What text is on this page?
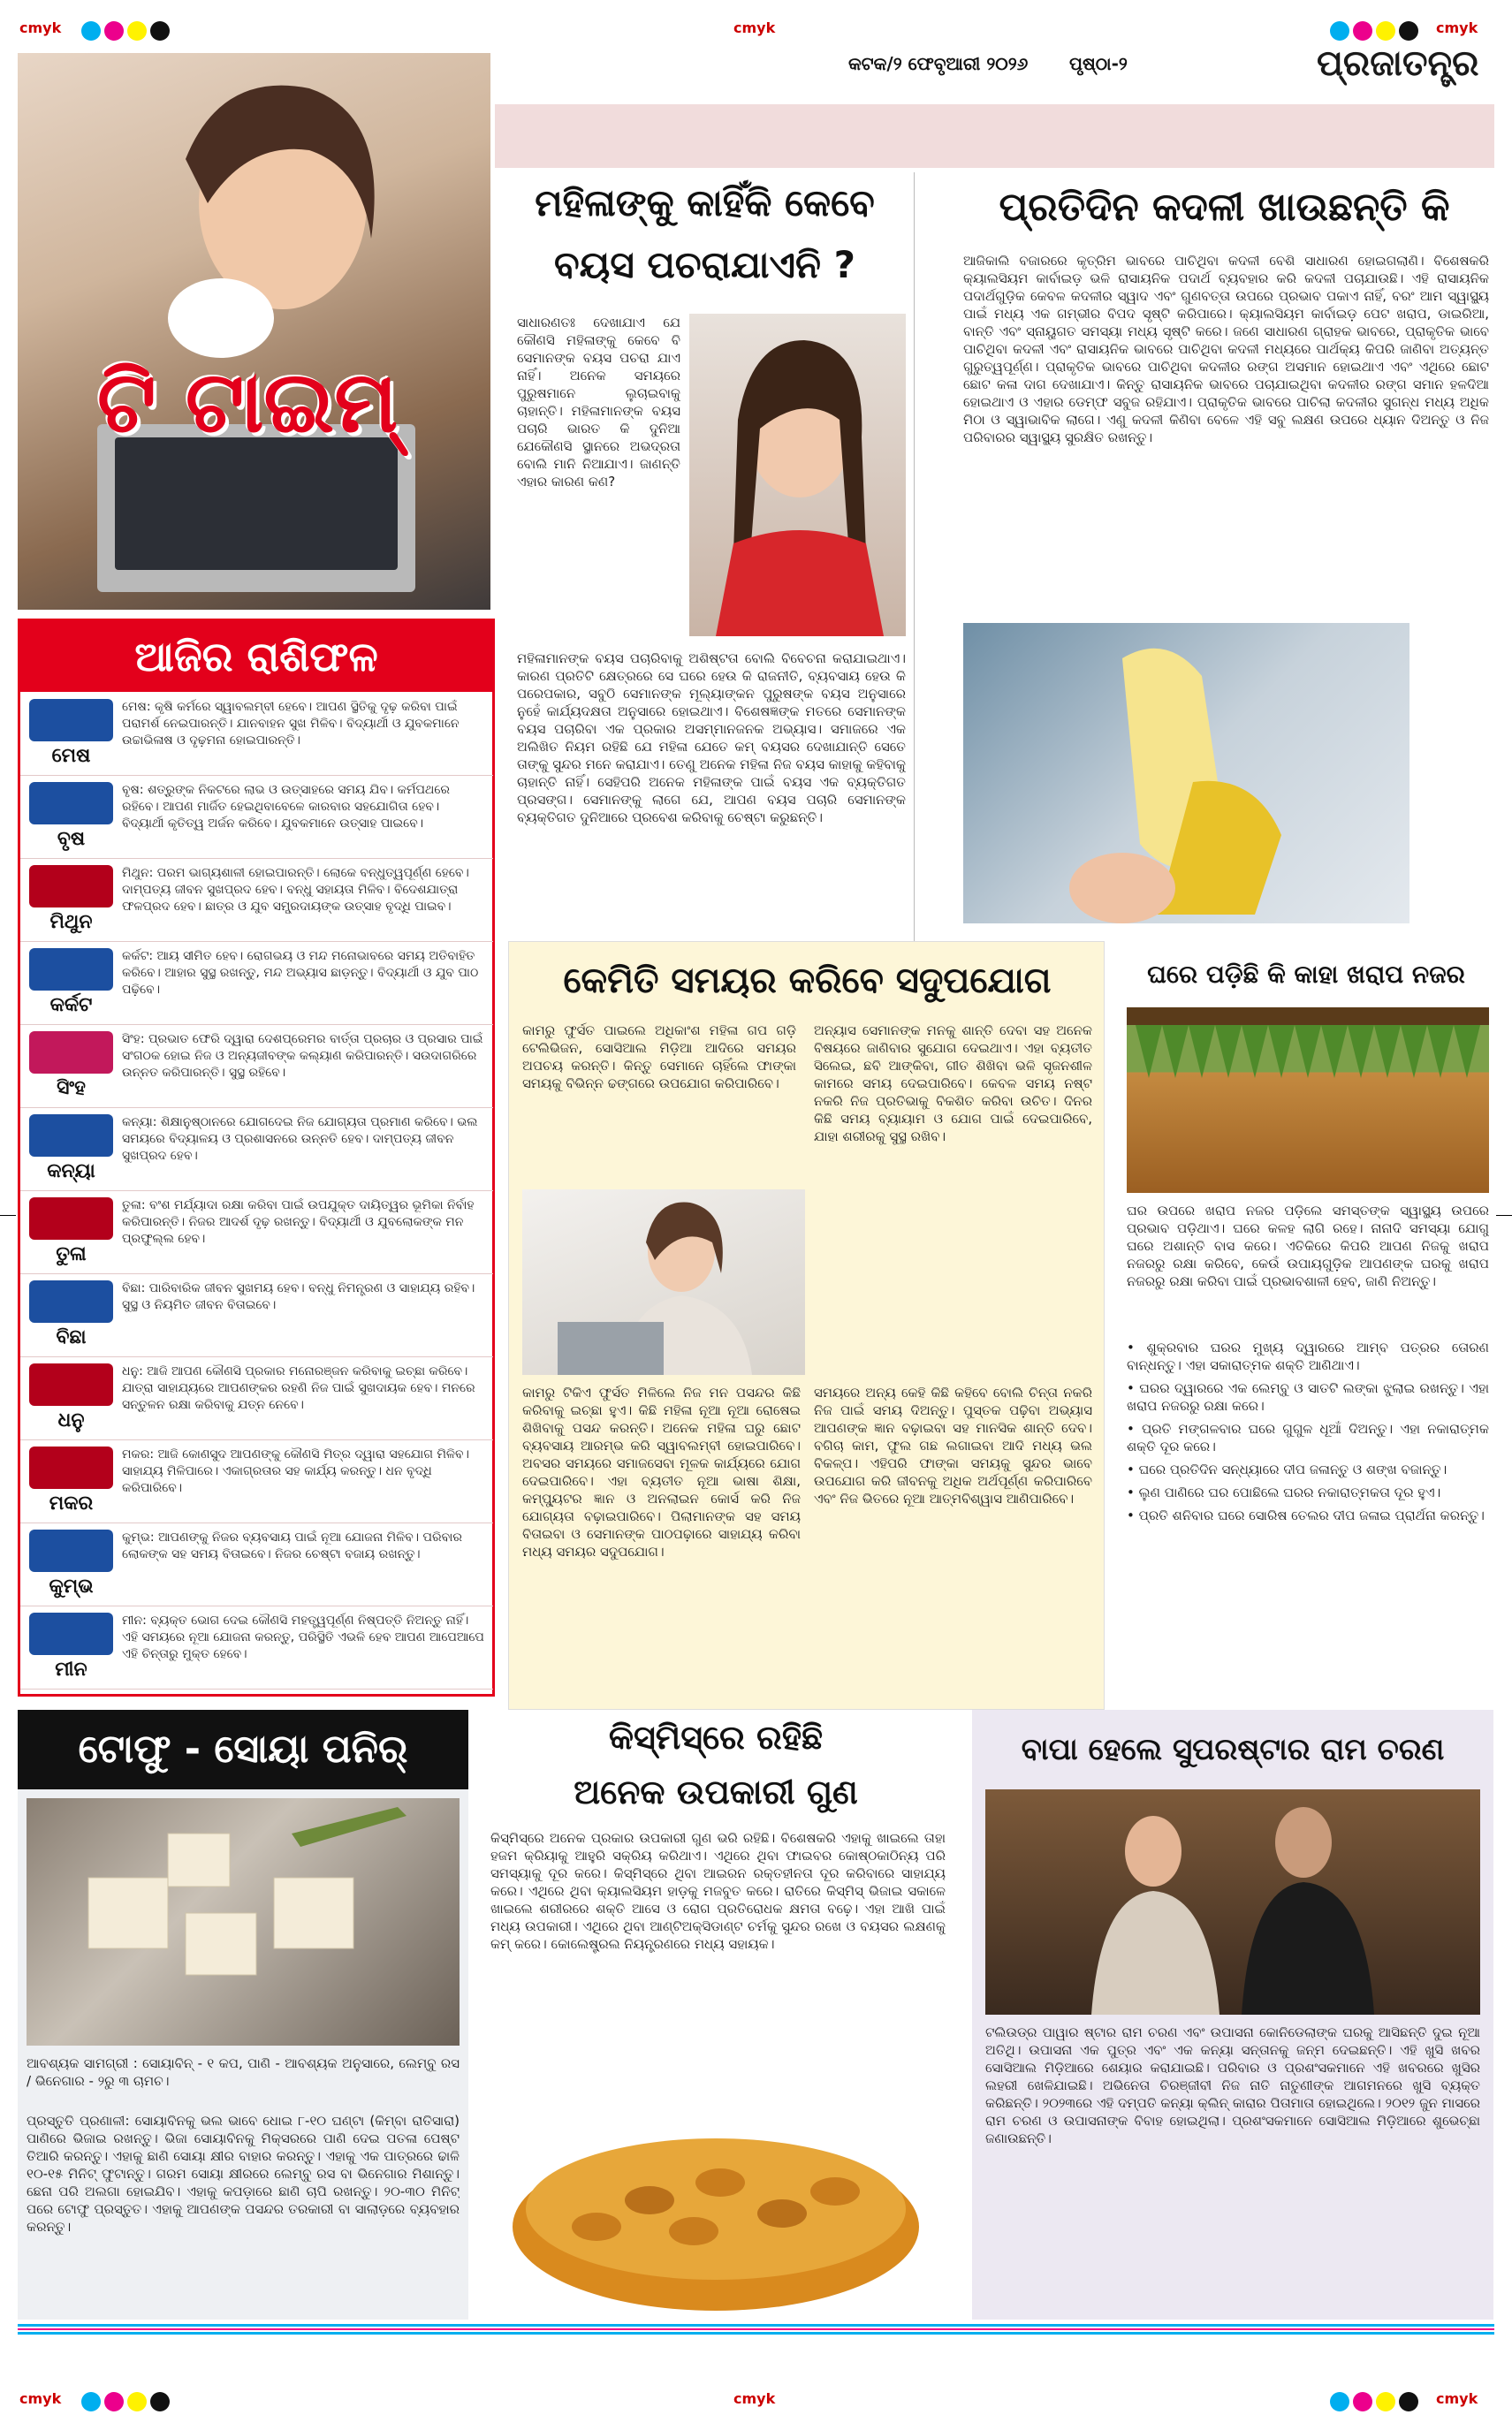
cmyk	cmyk	cmyk
cmyk	cmyk	cmyk
କଟକ/୨ ଫେବୃଆରୀ ୨୦୨୬	ପୃଷ୍ଠା-୨	ପ୍ରଜାତନ୍ତ୍ର
ଟି ଟାଇମ୍
ଆଜିର ରାଶିଫଳ
ମେଷ
ମେଷ: କୃଷି କର୍ମରେ ସ୍ୱାବଲମ୍ବୀ ହେବେ। ଆପଣ ସ୍ଥିତିକୁ ଦୃଢ଼ କରିବା ପାଇଁ ପରାମର୍ଶ ନେଇପାରନ୍ତି। ଯାନବାହନ ସୁଖ ମିଳିବ। ବିଦ୍ୟାର୍ଥୀ ଓ ଯୁବକମାନେ ଉଚ୍ଚାଭିଳାଷ ଓ ଦୃଢ଼ମନା ହୋଇପାରନ୍ତି।
ବୃଷ
ବୃଷ: ଶତ୍ରୁଙ୍କ ନିକଟରେ ଲାଭ ଓ ଉତ୍ସାହରେ ସମୟ ଯିବ। କର୍ମପଥରେ ରହିବେ। ଆପଣ ମାର୍ଜିତ ହେଇଥିବାବେଳେ କାରବାର ସହଯୋଗିତା ହେବ। ବିଦ୍ୟାର୍ଥୀ କୃତିତ୍ୱ ଅର୍ଜନ କରିବେ। ଯୁବକମାନେ ଉତ୍ସାହ ପାଇବେ।
ମିଥୁନ
ମିଥୁନ: ପରମ ଭାଗ୍ୟଶାଳୀ ହୋଇପାରନ୍ତି। ଲୋକେ ବନ୍ଧୁତ୍ୱପୂର୍ଣ୍ଣ ହେବେ। ଦାମ୍ପତ୍ୟ ଜୀବନ ସୁଖପ୍ରଦ ହେବ। ବନ୍ଧୁ ସହାୟତା ମିଳିବ। ବିଦେଶଯାତ୍ରା ଫଳପ୍ରଦ ହେବ। ଛାତ୍ର ଓ ଯୁବ ସମ୍ପ୍ରଦାୟଙ୍କ ଉତ୍ସାହ ବୃଦ୍ଧି ପାଇବ।
କର୍କଟ
କର୍କଟ: ଆୟ ସୀମିତ ହେବ। ରୋଗଭୟ ଓ ମନ୍ଦ ମନୋଭାବରେ ସମୟ ଅତିବାହିତ କରିବେ। ଆହାର ସୁସ୍ଥ ରଖନ୍ତୁ, ମନ୍ଦ ଅଭ୍ୟାସ ଛାଡ଼ନ୍ତୁ। ବିଦ୍ୟାର୍ଥୀ ଓ ଯୁବ ପାଠ ପଢ଼ିବେ।
ସିଂହ
ସିଂହ: ପ୍ରଭାତ ଫେରି ଦ୍ୱାରା ଦେଶପ୍ରେମର ବାର୍ତ୍ତା ପ୍ରଚାର ଓ ପ୍ରସାର ପାଇଁ ସଂଗଠକ ହୋଇ ନିଜ ଓ ଅନ୍ୟଜୀବଙ୍କ କଲ୍ୟାଣ କରିପାରନ୍ତି। ସଉଦାଗରିରେ ଉନ୍ନତ କରିପାରନ୍ତି। ସୁସ୍ଥ ରହିବେ।
କନ୍ୟା
କନ୍ୟା: ଶିକ୍ଷାନୁଷ୍ଠାନରେ ଯୋଗଦେଇ ନିଜ ଯୋଗ୍ୟତା ପ୍ରମାଣ କରିବେ। ଭଲ ସମୟରେ ବିଦ୍ୟାଳୟ ଓ ପ୍ରଶାସନରେ ଉନ୍ନତି ହେବ। ଦାମ୍ପତ୍ୟ ଜୀବନ ସୁଖପ୍ରଦ ହେବ।
ତୁଳା
ତୁଳା: ବଂଶ ମର୍ଯ୍ୟାଦା ରକ୍ଷା କରିବା ପାଇଁ ଉପଯୁକ୍ତ ଦାୟିତ୍ୱର ଭୂମିକା ନିର୍ବାହ କରିପାରନ୍ତି। ନିଜର ଆଦର୍ଶ ଦୃଢ଼ ରଖନ୍ତୁ। ବିଦ୍ୟାର୍ଥୀ ଓ ଯୁବଲୋକଙ୍କ ମନ ପ୍ରଫୁଲ୍ଲ ହେବ।
ବିଛା
ବିଛା: ପାରିବାରିକ ଜୀବନ ସୁଖମୟ ହେବ। ବନ୍ଧୁ ନିମନ୍ତ୍ରଣ ଓ ସାହାଯ୍ୟ ରହିବ। ସୁସ୍ଥ ଓ ନିୟମିତ ଜୀବନ ବିତାଇବେ।
ଧନୁ
ଧନୁ: ଆଜି ଆପଣ କୌଣସି ପ୍ରକାର ମନୋରଞ୍ଜନ କରିବାକୁ ଇଚ୍ଛା କରିବେ। ଯାତ୍ରା ସାହାଯ୍ୟରେ ଆପଣଙ୍କର ରହଣି ନିଜ ପାଇଁ ସୁଖଦାୟକ ହେବ। ମନରେ ସନ୍ତୁଳନ ରକ୍ଷା କରିବାକୁ ଯତ୍ନ ନେବେ।
ମକର
ମକର: ଆଜି କୋଣସୁଦ ଆପଣଙ୍କୁ କୌଣସି ମିତ୍ର ଦ୍ୱାରା ସହଯୋଗ ମିଳିବ। ସାହାଯ୍ୟ ମିଳିପାରେ। ଏକାଗ୍ରତାର ସହ କାର୍ଯ୍ୟ କରନ୍ତୁ। ଧନ ବୃଦ୍ଧି କରିପାରିବେ।
କୁମ୍ଭ
କୁମ୍ଭ: ଆପଣଙ୍କୁ ନିଜର ବ୍ୟବସାୟ ପାଇଁ ନୂଆ ଯୋଜନା ମିଳିବ। ପରିବାର ଲୋକଙ୍କ ସହ ସମୟ ବିତାଇବେ। ନିଜର ଚେଷ୍ଟା ବଜାୟ ରଖନ୍ତୁ।
ମୀନ
ମୀନ: ବ୍ୟକ୍ତ ଭୋଗ ଦେଇ କୌଣସି ମହତ୍ତ୍ୱପୂର୍ଣ୍ଣ ନିଷ୍ପତ୍ତି ନିଅନ୍ତୁ ନାହିଁ। ଏହି ସମୟରେ ନୂଆ ଯୋଜନା କରନ୍ତୁ, ପରିସ୍ଥିତି ଏଭଳି ହେବ ଆପଣ ଆପେଆପେ ଏହି ଚିନ୍ତାରୁ ମୁକ୍ତ ହେବେ।
ମହିଳାଙ୍କୁ କାହିଁକି କେବେ
ବୟସ ପଚରାଯାଏନି ?
ସାଧାରଣତଃ ଦେଖାଯାଏ ଯେ କୌଣସି ମହିଳାଙ୍କୁ କେବେ ବି ସେମାନଙ୍କ ବୟସ ପଚରା ଯାଏ ନାହିଁ। ଅନେକ ସମୟରେ ପୁରୁଷମାନେ ଲୁଚାଇବାକୁ ଚାହାନ୍ତି। ମହିଳାମାନଙ୍କ ବୟସ ପଚାରି ଭାରତ କି ଦୁନିଆ ଯେକୌଣସି ସ୍ଥାନରେ ଅଭଦ୍ରତା ବୋଲି ମାନି ନିଆଯାଏ। ଜାଣନ୍ତି ଏହାର କାରଣ କଣ?
ମହିଳାମାନଙ୍କ ବୟସ ପଚାରିବାକୁ ଅଶିଷ୍ଟତା ବୋଲି ବିବେଚନା କରାଯାଇଥାଏ। କାରଣ ପ୍ରତିଟି କ୍ଷେତ୍ରରେ ସେ ଘରେ ହେଉ କି ରାଜନୀତି, ବ୍ୟବସାୟ ହେଉ କି ପରେପକାର, ସବୁଠି ସେମାନଙ୍କ ମୂଲ୍ୟାଙ୍କନ ପୁରୁଷଙ୍କ ବୟସ ଅନୁସାରେ ନୁହେଁ କାର୍ଯ୍ୟଦକ୍ଷତା ଅନୁସାରେ ହୋଇଥାଏ। ବିଶେଷଜ୍ଞଙ୍କ ମତରେ ସେମାନଙ୍କ ବୟସ ପଚାରିବା ଏକ ପ୍ରକାର ଅସମ୍ମାନଜନକ ଅଭ୍ୟାସ। ସମାଜରେ ଏକ ଅଲିଖିତ ନିୟମ ରହିଛି ଯେ ମହିଳା ଯେତେ କମ୍ ବୟସର ଦେଖାଯାନ୍ତି ସେତେ ତାଙ୍କୁ ସୁନ୍ଦର ମନେ କରାଯାଏ। ତେଣୁ ଅନେକ ମହିଳା ନିଜ ବୟସ କାହାକୁ କହିବାକୁ ଚାହାନ୍ତି ନାହିଁ। ସେହିପରି ଅନେକ ମହିଳାଙ୍କ ପାଇଁ ବୟସ ଏକ ବ୍ୟକ୍ତିଗତ ପ୍ରସଙ୍ଗ। ସେମାନଙ୍କୁ ଲାଗେ ଯେ, ଆପଣ ବୟସ ପଚାରି ସେମାନଙ୍କ ବ୍ୟକ୍ତିଗତ ଦୁନିଆରେ ପ୍ରବେଶ କରିବାକୁ ଚେଷ୍ଟା କରୁଛନ୍ତି।
ପ୍ରତିଦିନ କଦଳୀ ଖାଉଛନ୍ତି କି
ଆଜିକାଲି ବଜାରରେ କୃତ୍ରିମ ଭାବରେ ପାଚିଥିବା କଦଳୀ ବେଶି ସାଧାରଣ ହୋଇଗଲାଣି। ବିଶେଷକରି କ୍ୟାଲସିୟମ କାର୍ବାଇଡ଼ ଭଳି ରାସାୟନିକ ପଦାର୍ଥ ବ୍ୟବହାର କରି କଦଳୀ ପଚାଯାଉଛି। ଏହି ରାସାୟନିକ ପଦାର୍ଥଗୁଡ଼ିକ କେବଳ କଦଳୀର ସ୍ୱାଦ ଏବଂ ଗୁଣବତ୍ତା ଉପରେ ପ୍ରଭାବ ପକାଏ ନାହିଁ, ବରଂ ଆମ ସ୍ୱାସ୍ଥ୍ୟ ପାଇଁ ମଧ୍ୟ ଏକ ଗମ୍ଭୀର ବିପଦ ସୃଷ୍ଟି କରିପାରେ। କ୍ୟାଲସିୟମ କାର୍ବାଇଡ଼ ପେଟ ଖରାପ, ଡାଇରିଆ, ବାନ୍ତି ଏବଂ ସ୍ନାୟୁଗତ ସମସ୍ୟା ମଧ୍ୟ ସୃଷ୍ଟି କରେ। ଜଣେ ସାଧାରଣ ଗ୍ରାହକ ଭାବରେ, ପ୍ରାକୃତିକ ଭାବେ ପାଚିଥିବା କଦଳୀ ଏବଂ ରାସାୟନିକ ଭାବରେ ପାଚିଥିବା କଦଳୀ ମଧ୍ୟରେ ପାର୍ଥକ୍ୟ କିପରି ଜାଣିବା ଅତ୍ୟନ୍ତ ଗୁରୁତ୍ୱପୂର୍ଣ୍ଣ। ପ୍ରାକୃତିକ ଭାବରେ ପାଚିଥିବା କଦଳୀର ରଙ୍ଗ ଅସମାନ ହୋଇଥାଏ ଏବଂ ଏଥିରେ ଛୋଟ ଛୋଟ କଳା ଦାଗ ଦେଖାଯାଏ। କିନ୍ତୁ ରାସାୟନିକ ଭାବରେ ପଚାଯାଇଥିବା କଦଳୀର ରଙ୍ଗ ସମାନ ହଳଦିଆ ହୋଇଥାଏ ଓ ଏହାର ଡେମ୍ଫ ସବୁଜ ରହିଯାଏ। ପ୍ରାକୃତିକ ଭାବରେ ପାଚିଲା କଦଳୀର ସୁଗନ୍ଧ ମଧ୍ୟ ଅଧିକ ମିଠା ଓ ସ୍ୱାଭାବିକ ଲାଗେ। ଏଣୁ କଦଳୀ କିଣିବା ବେଳେ ଏହି ସବୁ ଲକ୍ଷଣ ଉପରେ ଧ୍ୟାନ ଦିଅନ୍ତୁ ଓ ନିଜ ପରିବାରର ସ୍ୱାସ୍ଥ୍ୟ ସୁରକ୍ଷିତ ରଖନ୍ତୁ।
କେମିତି ସମୟର କରିବେ ସଦୁପଯୋଗ
କାମରୁ ଫୁର୍ସତ ପାଇଲେ ଅଧିକାଂଶ ମହିଳା ଗପ ଗଡ଼ି ଟେଲିଭିଜନ, ସୋସିଆଲ ମିଡ଼ିଆ ଆଦିରେ ସମୟର ଅପଚୟ କରନ୍ତି। କିନ୍ତୁ ସେମାନେ ଚାହିଁଲେ ଫାଙ୍କା ସମୟକୁ ବିଭିନ୍ନ ଢଙ୍ଗରେ ଉପଯୋଗ କରିପାରିବେ।
ଅନ୍ୟାସ ସେମାନଙ୍କ ମନକୁ ଶାନ୍ତି ଦେବା ସହ ଅନେକ ବିଷୟରେ ଜାଣିବାର ସୁଯୋଗ ଦେଇଥାଏ। ଏହା ବ୍ୟତୀତ ସିଲେଇ, ଛବି ଆଙ୍କିବା, ଗୀତ ଶିଖିବା ଭଳି ସୃଜନଶୀଳ କାମରେ ସମୟ ଦେଇପାରିବେ। କେବଳ ସମୟ ନଷ୍ଟ ନକରି ନିଜ ପ୍ରତିଭାକୁ ବିକଶିତ କରିବା ଉଚିତ। ଦିନର କିଛି ସମୟ ବ୍ୟାୟାମ ଓ ଯୋଗ ପାଇଁ ଦେଇପାରିବେ, ଯାହା ଶରୀରକୁ ସୁସ୍ଥ ରଖିବ।
କାମରୁ ଟିକିଏ ଫୁର୍ସତ ମିଳିଲେ ନିଜ ମନ ପସନ୍ଦର କିଛି କରିବାକୁ ଇଚ୍ଛା ହୁଏ। କିଛି ମହିଳା ନୂଆ ନୂଆ ରୋଷେଇ ଶିଖିବାକୁ ପସନ୍ଦ କରନ୍ତି। ଅନେକ ମହିଳା ଘରୁ ଛୋଟ ବ୍ୟବସାୟ ଆରମ୍ଭ କରି ସ୍ୱାବଲମ୍ବୀ ହୋଇପାରିବେ। ଅବସର ସମୟରେ ସମାଜସେବା ମୂଳକ କାର୍ଯ୍ୟରେ ଯୋଗ ଦେଇପାରିବେ। ଏହା ବ୍ୟତୀତ ନୂଆ ଭାଷା ଶିକ୍ଷା, କମ୍ପ୍ୟୁଟର ଜ୍ଞାନ ଓ ଅନଲାଇନ କୋର୍ସ କରି ନିଜ ଯୋଗ୍ୟତା ବଢ଼ାଇପାରିବେ। ପିଲାମାନଙ୍କ ସହ ସମୟ ବିତାଇବା ଓ ସେମାନଙ୍କ ପାଠପଢ଼ାରେ ସାହାଯ୍ୟ କରିବା ମଧ୍ୟ ସମୟର ସଦୁପଯୋଗ।
ସମୟରେ ଅନ୍ୟ କେହି କିଛି କହିବେ ବୋଲି ଚିନ୍ତା ନକରି ନିଜ ପାଇଁ ସମୟ ଦିଅନ୍ତୁ। ପୁସ୍ତକ ପଢ଼ିବା ଅଭ୍ୟାସ ଆପଣଙ୍କ ଜ୍ଞାନ ବଢ଼ାଇବା ସହ ମାନସିକ ଶାନ୍ତି ଦେବ। ବଗିଚା କାମ, ଫୁଲ ଗଛ ଲଗାଇବା ଆଦି ମଧ୍ୟ ଭଲ ବିକଳ୍ପ। ଏହିପରି ଫାଙ୍କା ସମୟକୁ ସୁନ୍ଦର ଭାବେ ଉପଯୋଗ କରି ଜୀବନକୁ ଅଧିକ ଅର୍ଥପୂର୍ଣ୍ଣ କରିପାରିବେ ଏବଂ ନିଜ ଭିତରେ ନୂଆ ଆତ୍ମବିଶ୍ୱାସ ଆଣିପାରିବେ।
ଘରେ ପଡ଼ିଛି କି କାହା ଖରାପ ନଜର
ଘର ଉପରେ ଖରାପ ନଜର ପଡ଼ିଲେ ସମସ୍ତଙ୍କ ସ୍ୱାସ୍ଥ୍ୟ ଉପରେ ପ୍ରଭାବ ପଡ଼ିଥାଏ। ଘରେ କଳହ ଲାଗି ରହେ। ନାନାଦି ସମସ୍ୟା ଯୋଗୁ ଘରେ ଅଶାନ୍ତି ବାସ କରେ। ଏତିକିରେ କିପରି ଆପଣ ନିଜକୁ ଖରାପ ନଜରରୁ ରକ୍ଷା କରିବେ, କେଉଁ ଉପାୟଗୁଡ଼ିକ ଆପଣଙ୍କ ଘରକୁ ଖରାପ ନଜରରୁ ରକ୍ଷା କରିବା ପାଇଁ ପ୍ରଭାବଶାଳୀ ହେବ, ଜାଣି ନିଅନ୍ତୁ।
• ଶୁକ୍ରବାର ଘରର ମୁଖ୍ୟ ଦ୍ୱାରରେ ଆମ୍ବ ପତ୍ରର ତୋରଣ ବାନ୍ଧନ୍ତୁ। ଏହା ସକାରାତ୍ମକ ଶକ୍ତି ଆଣିଥାଏ।
• ଘରର ଦ୍ୱାରରେ ଏକ ଲେମ୍ବୁ ଓ ସାତଟି ଲଙ୍କା ଝୁଲାଇ ରଖନ୍ତୁ। ଏହା ଖରାପ ନଜରରୁ ରକ୍ଷା କରେ।
• ପ୍ରତି ମଙ୍ଗଳବାର ଘରେ ଗୁଗୁଳ ଧୂଆଁ ଦିଅନ୍ତୁ। ଏହା ନକାରାତ୍ମକ ଶକ୍ତି ଦୂର କରେ।
• ଘରେ ପ୍ରତିଦିନ ସନ୍ଧ୍ୟାରେ ଦୀପ ଜଳାନ୍ତୁ ଓ ଶଙ୍ଖ ବଜାନ୍ତୁ।
• ଲୁଣ ପାଣିରେ ଘର ପୋଛିଲେ ଘରର ନକାରାତ୍ମକତା ଦୂର ହୁଏ।
• ପ୍ରତି ଶନିବାର ଘରେ ସୋରିଷ ତେଲର ଦୀପ ଜଳାଇ ପ୍ରାର୍ଥନା କରନ୍ତୁ।
ଟୋଫୁ - ସୋୟା ପନିର୍
ଆବଶ୍ୟକ ସାମଗ୍ରୀ : ସୋୟାବିନ୍ - ୧ କପ, ପାଣି - ଆବଶ୍ୟକ ଅନୁସାରେ, ଲେମ୍ବୁ ରସ / ଭିନେଗାର - ୨ରୁ ୩ ଚାମଚ।
ପ୍ରସ୍ତୁତି ପ୍ରଣାଳୀ: ସୋୟାବିନକୁ ଭଲ ଭାବେ ଧୋଇ ୮-୧୦ ଘଣ୍ଟା (କିମ୍ବା ରାତିସାରା) ପାଣିରେ ଭିଜାଇ ରଖନ୍ତୁ। ଭିଜା ସୋୟାବିନକୁ ମିକ୍ସରରେ ପାଣି ଦେଇ ପତଳା ପେଷ୍ଟ ତିଆରି କରନ୍ତୁ। ଏହାକୁ ଛାଣି ସୋୟା କ୍ଷୀର ବାହାର କରନ୍ତୁ। ଏହାକୁ ଏକ ପାତ୍ରରେ ଢାଳି ୧୦-୧୫ ମିନିଟ୍ ଫୁଟାନ୍ତୁ। ଗରମ ସୋୟା କ୍ଷୀରରେ ଲେମ୍ବୁ ରସ ବା ଭିନେଗାର ମିଶାନ୍ତୁ। ଛେନା ପରି ଅଲଗା ହୋଇଯିବ। ଏହାକୁ କପଡ଼ାରେ ଛାଣି ଚାପି ରଖନ୍ତୁ। ୨୦-୩୦ ମିନିଟ୍ ପରେ ଟୋଫୁ ପ୍ରସ୍ତୁତ। ଏହାକୁ ଆପଣଙ୍କ ପସନ୍ଦର ତରକାରୀ ବା ସାଲାଡ଼ରେ ବ୍ୟବହାର କରନ୍ତୁ।
କିସ୍ମିସ୍‌ରେ ରହିଛି
ଅନେକ ଉପକାରୀ ଗୁଣ
କିସ୍ମିସ୍‌ରେ ଅନେକ ପ୍ରକାର ଉପକାରୀ ଗୁଣ ଭରି ରହିଛି। ବିଶେଷକରି ଏହାକୁ ଖାଇଲେ ତାହା ହଜମ କ୍ରିୟାକୁ ଆହୁରି ସକ୍ରିୟ କରିଥାଏ। ଏଥିରେ ଥିବା ଫାଇବର କୋଷ୍ଠକାଠିନ୍ୟ ପରି ସମସ୍ୟାକୁ ଦୂର କରେ। କିସ୍ମିସ୍‌ରେ ଥିବା ଆଇରନ ରକ୍ତହୀନତା ଦୂର କରିବାରେ ସାହାଯ୍ୟ କରେ। ଏଥିରେ ଥିବା କ୍ୟାଲସିୟମ ହାଡ଼କୁ ମଜବୁତ କରେ। ରାତିରେ କିସ୍ମିସ୍ ଭିଜାଇ ସକାଳେ ଖାଇଲେ ଶରୀରରେ ଶକ୍ତି ଆସେ ଓ ରୋଗ ପ୍ରତିରୋଧକ କ୍ଷମତା ବଢ଼େ। ଏହା ଆଖି ପାଇଁ ମଧ୍ୟ ଉପକାରୀ। ଏଥିରେ ଥିବା ଆଣ୍ଟିଅକ୍ସିଡାଣ୍ଟ ଚର୍ମକୁ ସୁନ୍ଦର ରଖେ ଓ ବୟସର ଲକ୍ଷଣକୁ କମ୍ କରେ। କୋଲେଷ୍ଟ୍ରଲ ନିୟନ୍ତ୍ରଣରେ ମଧ୍ୟ ସହାୟକ।
ବାପା ହେଲେ ସୁପରଷ୍ଟାର ରାମ ଚରଣ
ଟଲିଉଡ୍‌ର ପାୱାର ଷ୍ଟାର ରାମ ଚରଣ ଏବଂ ଉପାସନା କୋନିଡେଲାଙ୍କ ଘରକୁ ଆସିଛନ୍ତି ଦୁଇ ନୂଆ ଅତିଥି। ଉପାସନା ଏକ ପୁତ୍ର ଏବଂ ଏକ କନ୍ୟା ସନ୍ତାନକୁ ଜନ୍ମ ଦେଇଛନ୍ତି। ଏହି ଖୁସି ଖବର ସୋସିଆଲ ମିଡ଼ିଆରେ ଶେୟାର କରାଯାଇଛି। ପରିବାର ଓ ପ୍ରଶଂସକମାନେ ଏହି ଖବରରେ ଖୁସିର ଲହରୀ ଖେଳିଯାଇଛି। ଅଭିନେତା ଚିରଞ୍ଜୀବୀ ନିଜ ନାତି ନାତୁଣୀଙ୍କ ଆଗମନରେ ଖୁସି ବ୍ୟକ୍ତ କରିଛନ୍ତି। ୨୦୨୩ରେ ଏହି ଦମ୍ପତି କନ୍ୟା କ୍ଲିନ୍ କାରାର ପିତାମାତା ହୋଇଥିଲେ। ୨୦୧୨ ଜୁନ ମାସରେ ରାମ ଚରଣ ଓ ଉପାସନାଙ୍କ ବିବାହ ହୋଇଥିଲା। ପ୍ରଶଂସକମାନେ ସୋସିଆଲ ମିଡ଼ିଆରେ ଶୁଭେଚ୍ଛା ଜଣାଉଛନ୍ତି।
